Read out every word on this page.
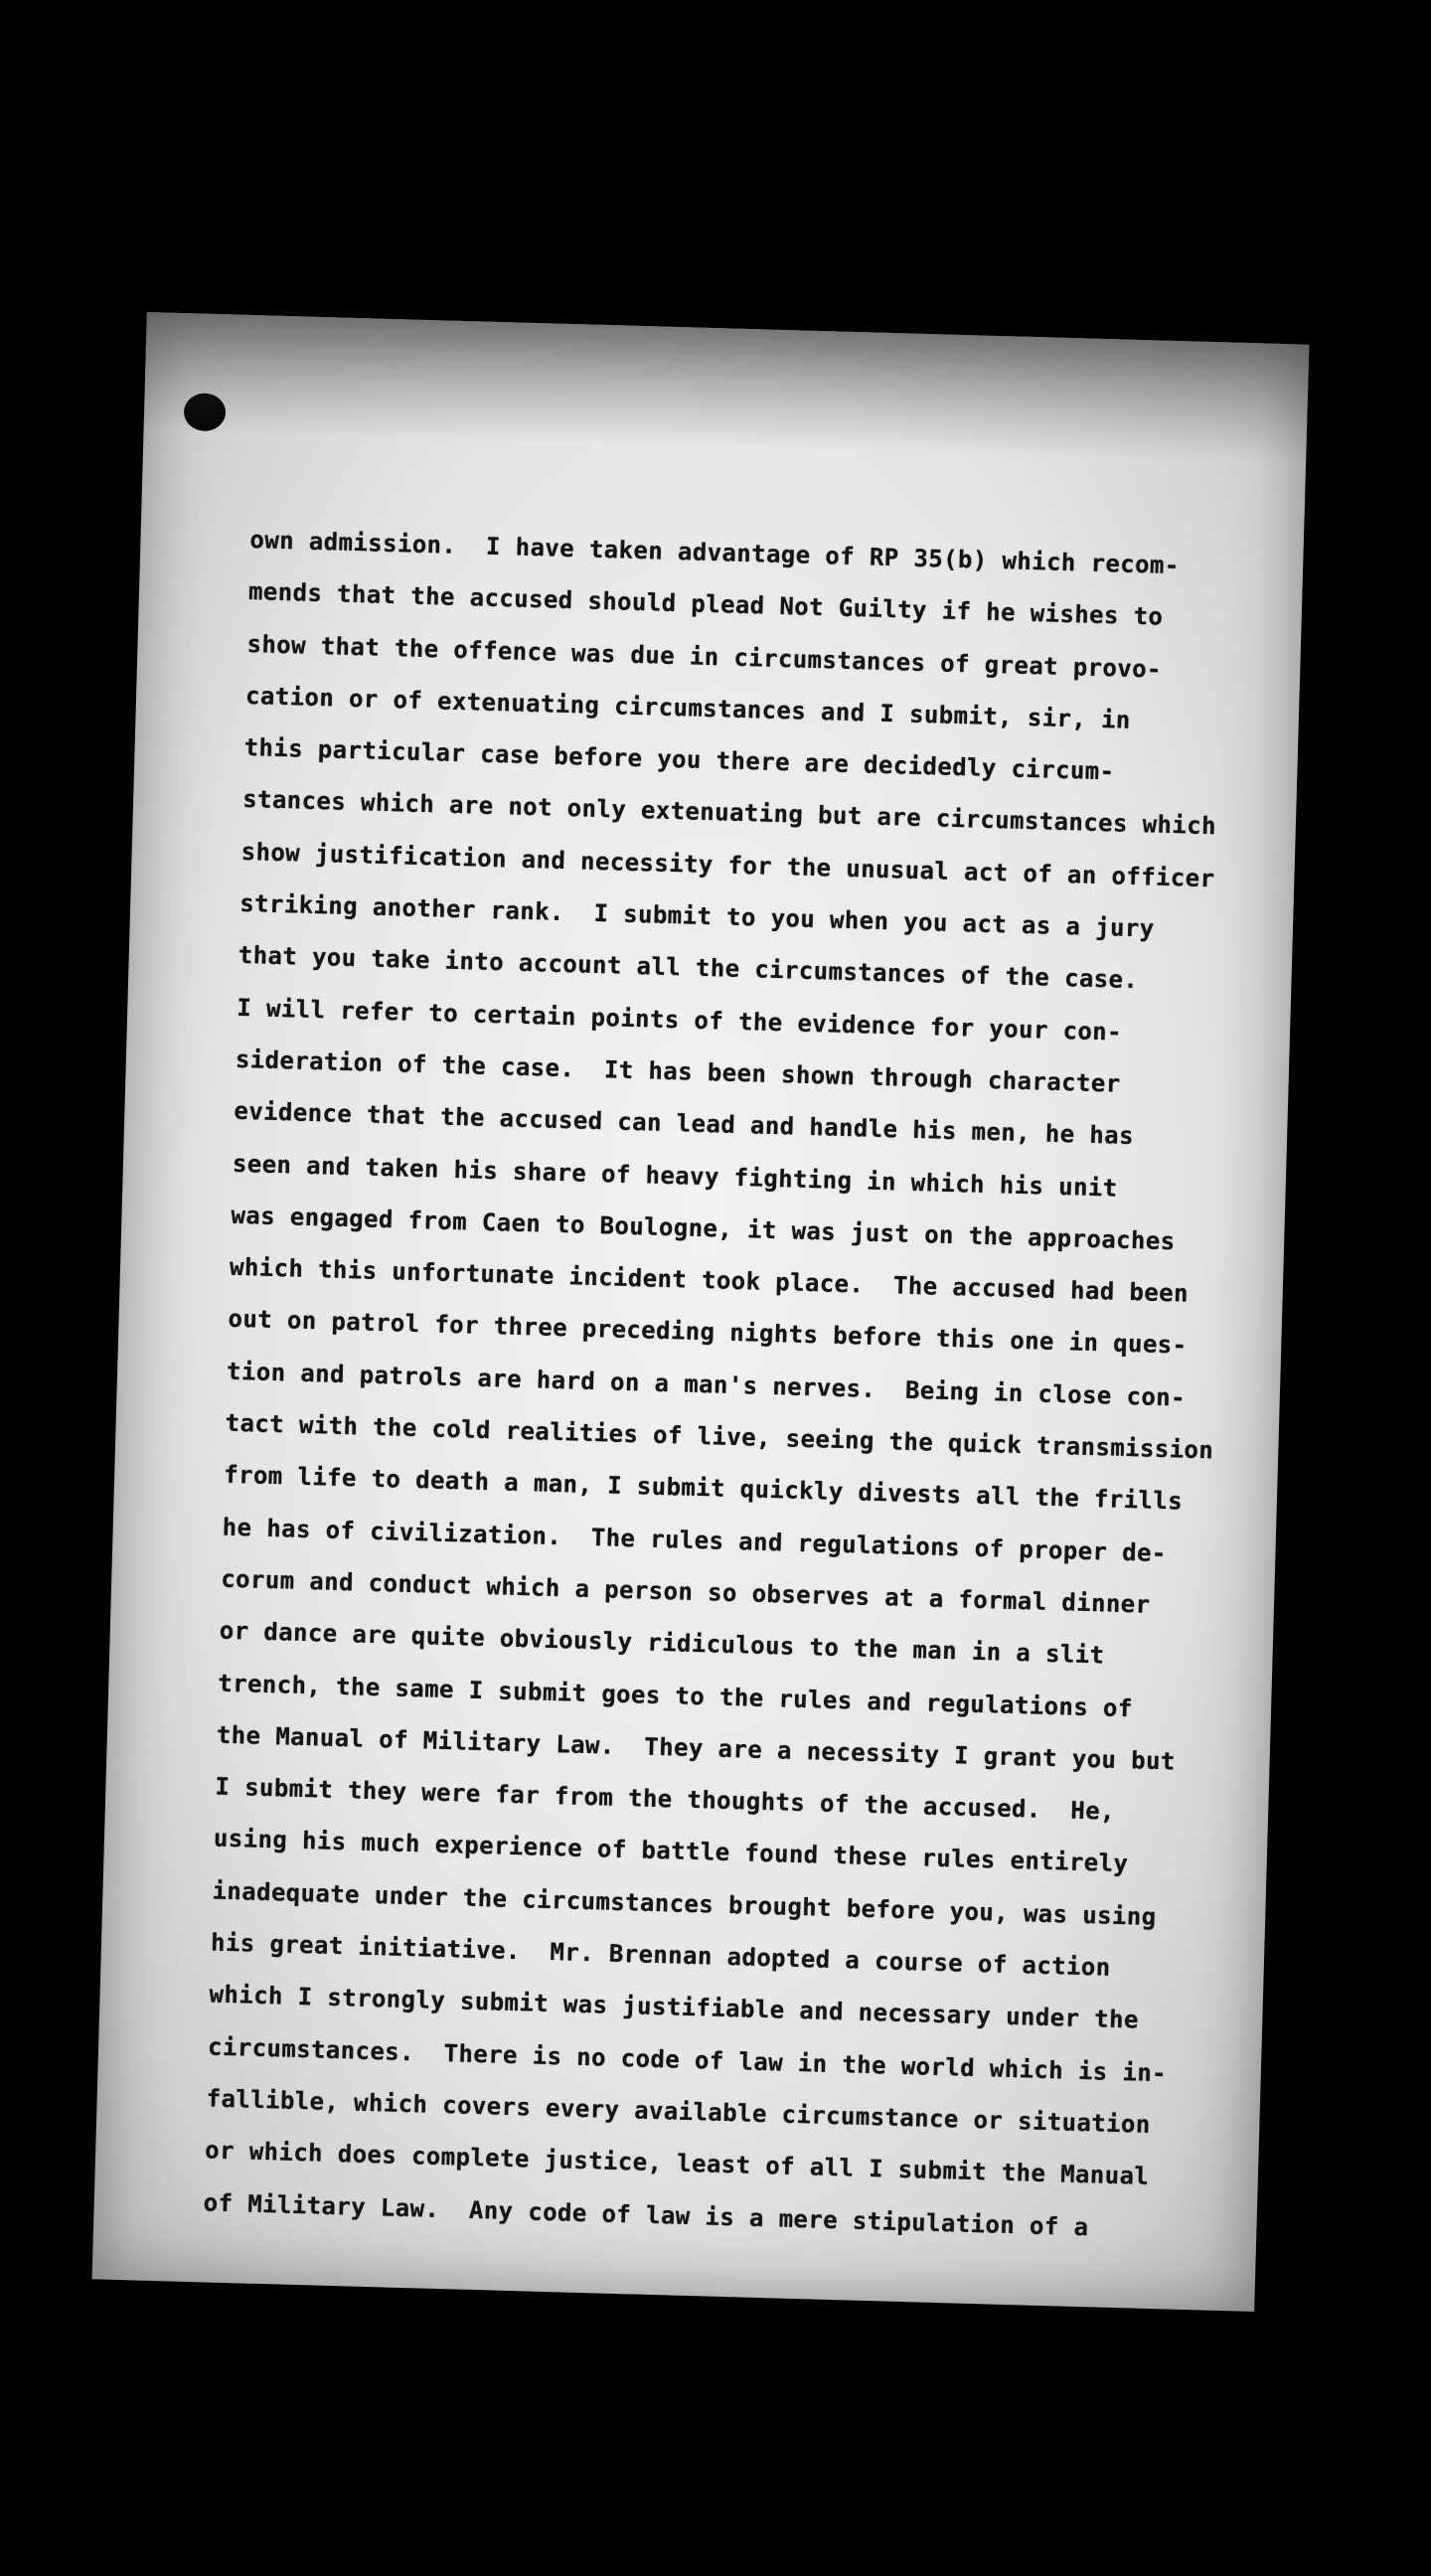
own admission.  I have taken advantage of RP 35(b) which recom-
mends that the accused should plead Not Guilty if he wishes to
show that the offence was due in circumstances of great provo-
cation or of extenuating circumstances and I submit, sir, in
this particular case before you there are decidedly circum-
stances which are not only extenuating but are circumstances which
show justification and necessity for the unusual act of an officer
striking another rank.  I submit to you when you act as a jury
that you take into account all the circumstances of the case.
I will refer to certain points of the evidence for your con-
sideration of the case.  It has been shown through character
evidence that the accused can lead and handle his men, he has
seen and taken his share of heavy fighting in which his unit
was engaged from Caen to Boulogne, it was just on the approaches
which this unfortunate incident took place.  The accused had been
out on patrol for three preceding nights before this one in ques-
tion and patrols are hard on a man's nerves.  Being in close con-
tact with the cold realities of live, seeing the quick transmission
from life to death a man, I submit quickly divests all the frills
he has of civilization.  The rules and regulations of proper de-
corum and conduct which a person so observes at a formal dinner
or dance are quite obviously ridiculous to the man in a slit
trench, the same I submit goes to the rules and regulations of
the Manual of Military Law.  They are a necessity I grant you but
I submit they were far from the thoughts of the accused.  He,
using his much experience of battle found these rules entirely
inadequate under the circumstances brought before you, was using
his great initiative.  Mr. Brennan adopted a course of action
which I strongly submit was justifiable and necessary under the
circumstances.  There is no code of law in the world which is in-
fallible, which covers every available circumstance or situation
or which does complete justice, least of all I submit the Manual
of Military Law.  Any code of law is a mere stipulation of a
